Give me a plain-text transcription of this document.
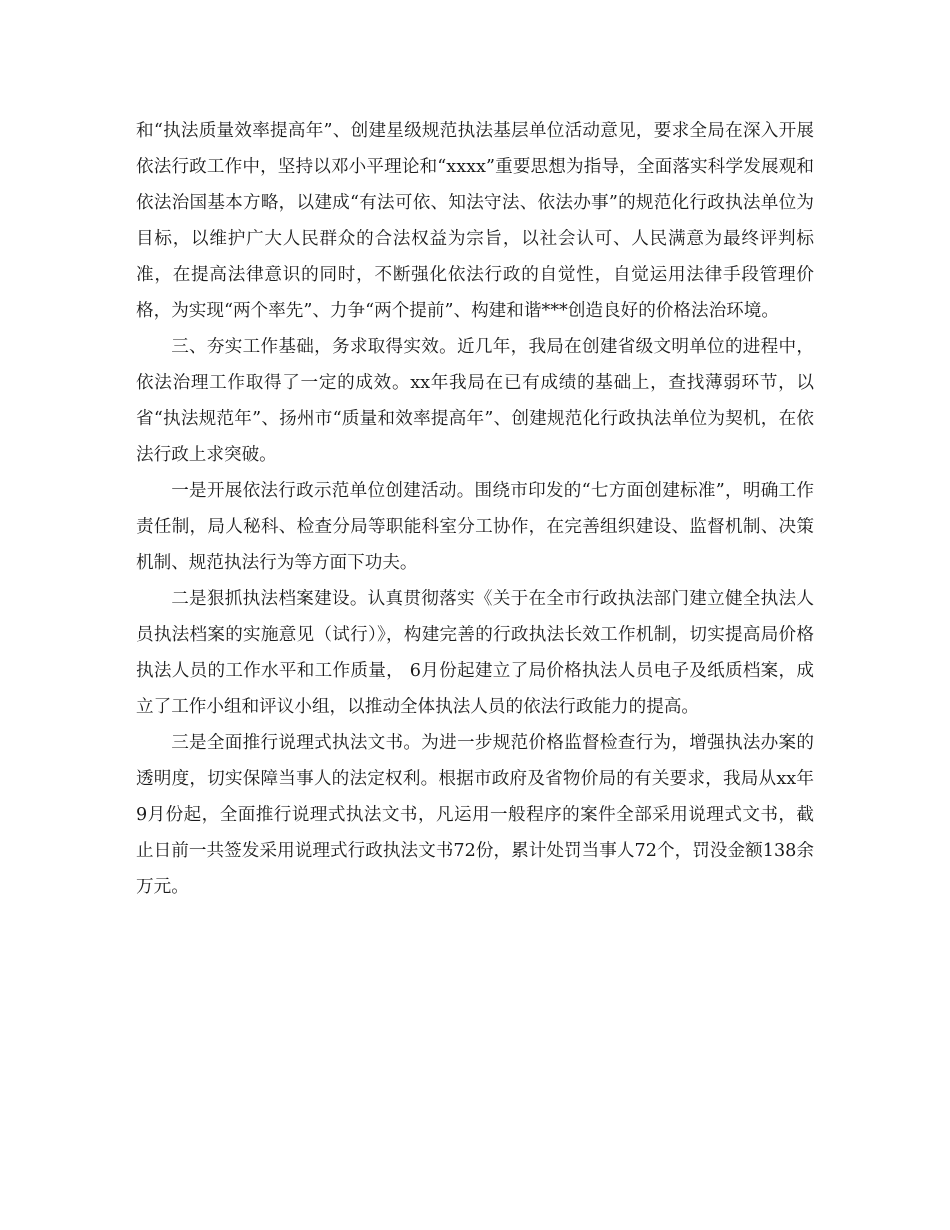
和“执法质量效率提高年”、创建星级规范执法基层单位活动意见，要求全局在深入开展依法行政工作中，坚持以邓小平理论和“xxxx”重要思想为指导，全面落实科学发展观和依法治国基本方略，以建成“有法可依、知法守法、依法办事”的规范化行政执法单位为目标，以维护广大人民群众的合法权益为宗旨，以社会认可、人民满意为最终评判标准，在提高法律意识的同时，不断强化依法行政的自觉性，自觉运用法律手段管理价格，为实现“两个率先”、力争“两个提前”、构建和谐***创造良好的价格法治环境。

三、夯实工作基础，务求取得实效。近几年，我局在创建省级文明单位的进程中，依法治理工作取得了一定的成效。xx年我局在已有成绩的基础上，查找薄弱环节，以省“执法规范年”、扬州市“质量和效率提高年”、创建规范化行政执法单位为契机，在依法行政上求突破。

一是开展依法行政示范单位创建活动。围绕市印发的“七方面创建标准”，明确工作责任制，局人秘科、检查分局等职能科室分工协作，在完善组织建设、监督机制、决策机制、规范执法行为等方面下功夫。

二是狠抓执法档案建设。认真贯彻落实《关于在全市行政执法部门建立健全执法人员执法档案的实施意见（试行）》，构建完善的行政执法长效工作机制，切实提高局价格执法人员的工作水平和工作质量， 6月份起建立了局价格执法人员电子及纸质档案，成立了工作小组和评议小组，以推动全体执法人员的依法行政能力的提高。

三是全面推行说理式执法文书。为进一步规范价格监督检查行为，增强执法办案的透明度，切实保障当事人的法定权利。根据市政府及省物价局的有关要求，我局从xx年9月份起，全面推行说理式执法文书，凡运用一般程序的案件全部采用说理式文书，截止日前一共签发采用说理式行政执法文书72份，累计处罚当事人72个，罚没金额138余万元。
